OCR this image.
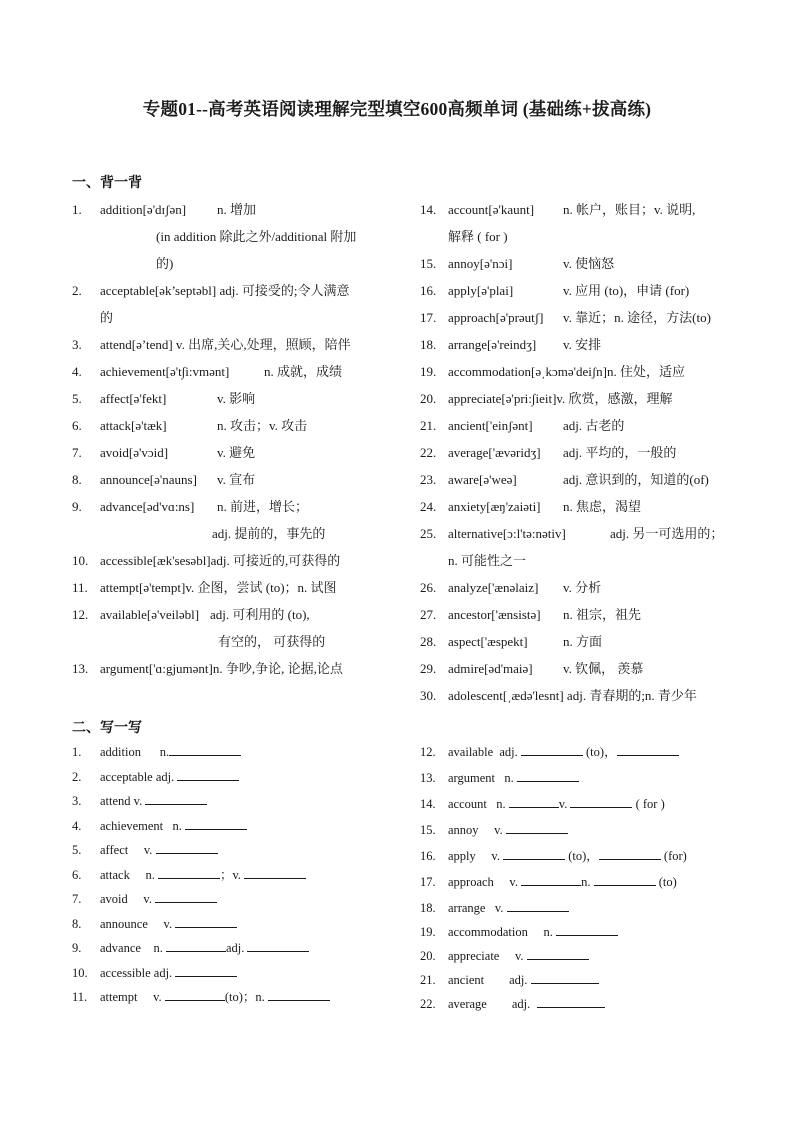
专题01--高考英语阅读理解完型填空600高频单词 (基础练+拔高练)
一、背一背
1. addition[ə'dɪʃən] n. 增加
(in addition 除此之外/additional 附加
的)
2. acceptable[ək’septəbl] adj. 可接受的;令人满意
的
3. attend[ə’tend] v. 出席,关心,处理，照顾，陪伴
4. achievement[ə't∫i:vmənt]	n. 成就，成绩
5. affect[ə'fekt]	v. 影响
6. attack[ə'tæk]	n. 攻击；v. 攻击
7. avoid[ə'vɔid]	v. 避免
8. announce[ə'nauns] v. 宣布
9. advance[əd'vɑ:ns] n. 前进，增长；
adj. 提前的，事先的
10. accessible[æk'sesəbl]adj. 可接近的,可获得的
11. attempt[ə'tempt]v. 企图，尝试 (to)；n. 试图
12. available[ə'veiləbl] adj. 可利用的 (to),
有空的， 可获得的
13. argument['ɑ:gjumənt]n. 争吵,争论, 论据,论点
14. account[ə'kaunt] n. 帐户，账目；v. 说明,
解释 ( for )
15. annoy[ə'nɔi]	v. 使恼怒
16. apply[ə'plai]	v. 应用 (to)，申请 (for)
17. approach[ə'prəutʃ] v. 靠近；n. 途径，方法(to)
18. arrange[ə'reindʒ] v. 安排
19. accommodation[ə͵kɔmə'deiʃn]n. 住处，适应
20. appreciate[ə'pri:∫ieit]v. 欣赏，感激，理解
21. ancient['einʃənt] adj. 古老的
22. average['ævəridʒ] adj. 平均的，一般的
23. aware[ə'weə]	adj. 意识到的，知道的(of)
24. anxiety[æŋ'zaiəti] n. 焦虑，渴望
25. alternative[ɔ:l'tə:nətiv]	adj. 另一可选用的；
n. 可能性之一
26. analyze['ænəlaiz] v. 分析
27. ancestor['ænsistə] n. 祖宗，祖先
28. aspect['æspekt]	n. 方面
29. admire[əd'maiə] v. 钦佩， 羡慕
30. adolescent[͵ædə'lesnt] adj. 青春期的;n. 青少年
二、写一写
1. addition      n.
2. acceptable adj.
3. attend v.
4. achievement   n.
5. affect     v.
6. attack     n.	；v.
7. avoid     v.
8. announce     v.
9. advance    n.	adj.
10. accessible adj.
11. attempt     v.	(to)；n.
12. available  adj.	(to)，
13. argument   n.
14. account   n.	v.	( for )
15. annoy     v.
16. apply     v.	(to)，	(for)
17. approach     v.	n.	(to)
18. arrange   v.
19. accommodation     n.
20. appreciate     v.
21. ancient        adj.
22. average        adj.
